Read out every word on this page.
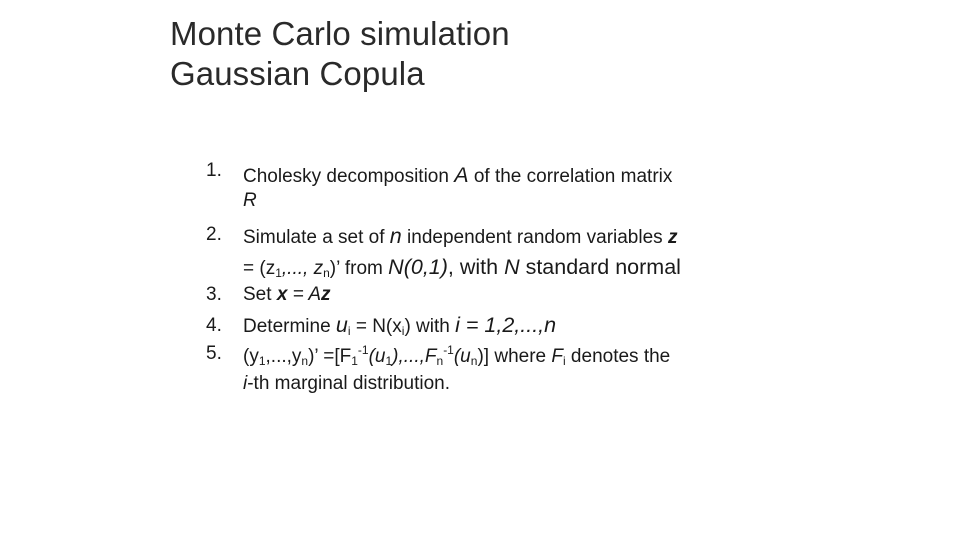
Monte Carlo simulation
Gaussian Copula
1. Cholesky decomposition A of the correlation matrix
R
2. Simulate a set of n independent random variables z
= ($z_1$,..., $z_n$)’ from N(0,1), with N standard normal
3. Set x = Az
4. Determine $u_i = N(x_i)$ with i = 1,2,...,n
5. $(y_1,...,y_n)$’ $=[F_1^{-1}(u_1),...,F_n^{-1}(u_n)]$ where $F_i$ denotes the
i-th marginal distribution.
